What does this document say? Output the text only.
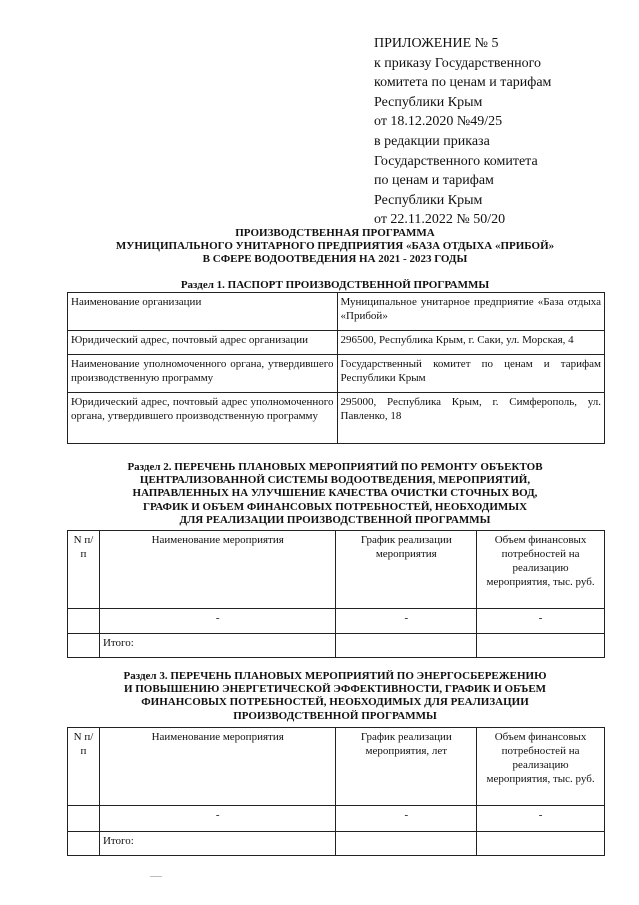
ПРИЛОЖЕНИЕ № 5
к приказу Государственного
комитета по ценам и тарифам
Республики Крым
от 18.12.2020 №49/25
в редакции приказа
Государственного комитета
по ценам и тарифам
Республики Крым
от 22.11.2022 № 50/20
ПРОИЗВОДСТВЕННАЯ ПРОГРАММА
МУНИЦИПАЛЬНОГО УНИТАРНОГО ПРЕДПРИЯТИЯ «БАЗА ОТДЫХА «ПРИБОЙ»
В СФЕРЕ ВОДООТВЕДЕНИЯ НА 2021 - 2023 ГОДЫ
Раздел 1. ПАСПОРТ ПРОИЗВОДСТВЕННОЙ ПРОГРАММЫ
Наименование организации	Муниципальное унитарное предприятие «База отдыха «Прибой»
Юридический адрес, почтовый адрес организации	296500, Республика Крым, г. Саки, ул. Морская, 4
Наименование уполномоченного органа, утвердившего производственную программу	Государственный комитет по ценам и тарифам Республики Крым
Юридический адрес, почтовый адрес уполномоченного органа, утвердившего производственную программу	295000, Республика Крым, г. Симферополь, ул. Павленко, 18
Раздел 2. ПЕРЕЧЕНЬ ПЛАНОВЫХ МЕРОПРИЯТИЙ ПО РЕМОНТУ ОБЪЕКТОВ
ЦЕНТРАЛИЗОВАННОЙ СИСТЕМЫ ВОДООТВЕДЕНИЯ, МЕРОПРИЯТИЙ,
НАПРАВЛЕННЫХ НА УЛУЧШЕНИЕ КАЧЕСТВА ОЧИСТКИ СТОЧНЫХ ВОД,
ГРАФИК И ОБЪЕМ ФИНАНСОВЫХ ПОТРЕБНОСТЕЙ, НЕОБХОДИМЫХ
ДЛЯ РЕАЛИЗАЦИИ ПРОИЗВОДСТВЕННОЙ ПРОГРАММЫ
N п/п	Наименование мероприятия	График реализации мероприятия	Объем финансовых потребностей на реализацию мероприятия, тыс. руб.
	-	-	-
	Итого:		
Раздел 3. ПЕРЕЧЕНЬ ПЛАНОВЫХ МЕРОПРИЯТИЙ ПО ЭНЕРГОСБЕРЕЖЕНИЮ
И ПОВЫШЕНИЮ ЭНЕРГЕТИЧЕСКОЙ ЭФФЕКТИВНОСТИ, ГРАФИК И ОБЪЕМ
ФИНАНСОВЫХ ПОТРЕБНОСТЕЙ, НЕОБХОДИМЫХ ДЛЯ РЕАЛИЗАЦИИ
ПРОИЗВОДСТВЕННОЙ ПРОГРАММЫ
N п/п	Наименование мероприятия	График реализации мероприятия, лет	Объем финансовых потребностей на реализацию мероприятия, тыс. руб.
	-	-	-
	Итого:		
